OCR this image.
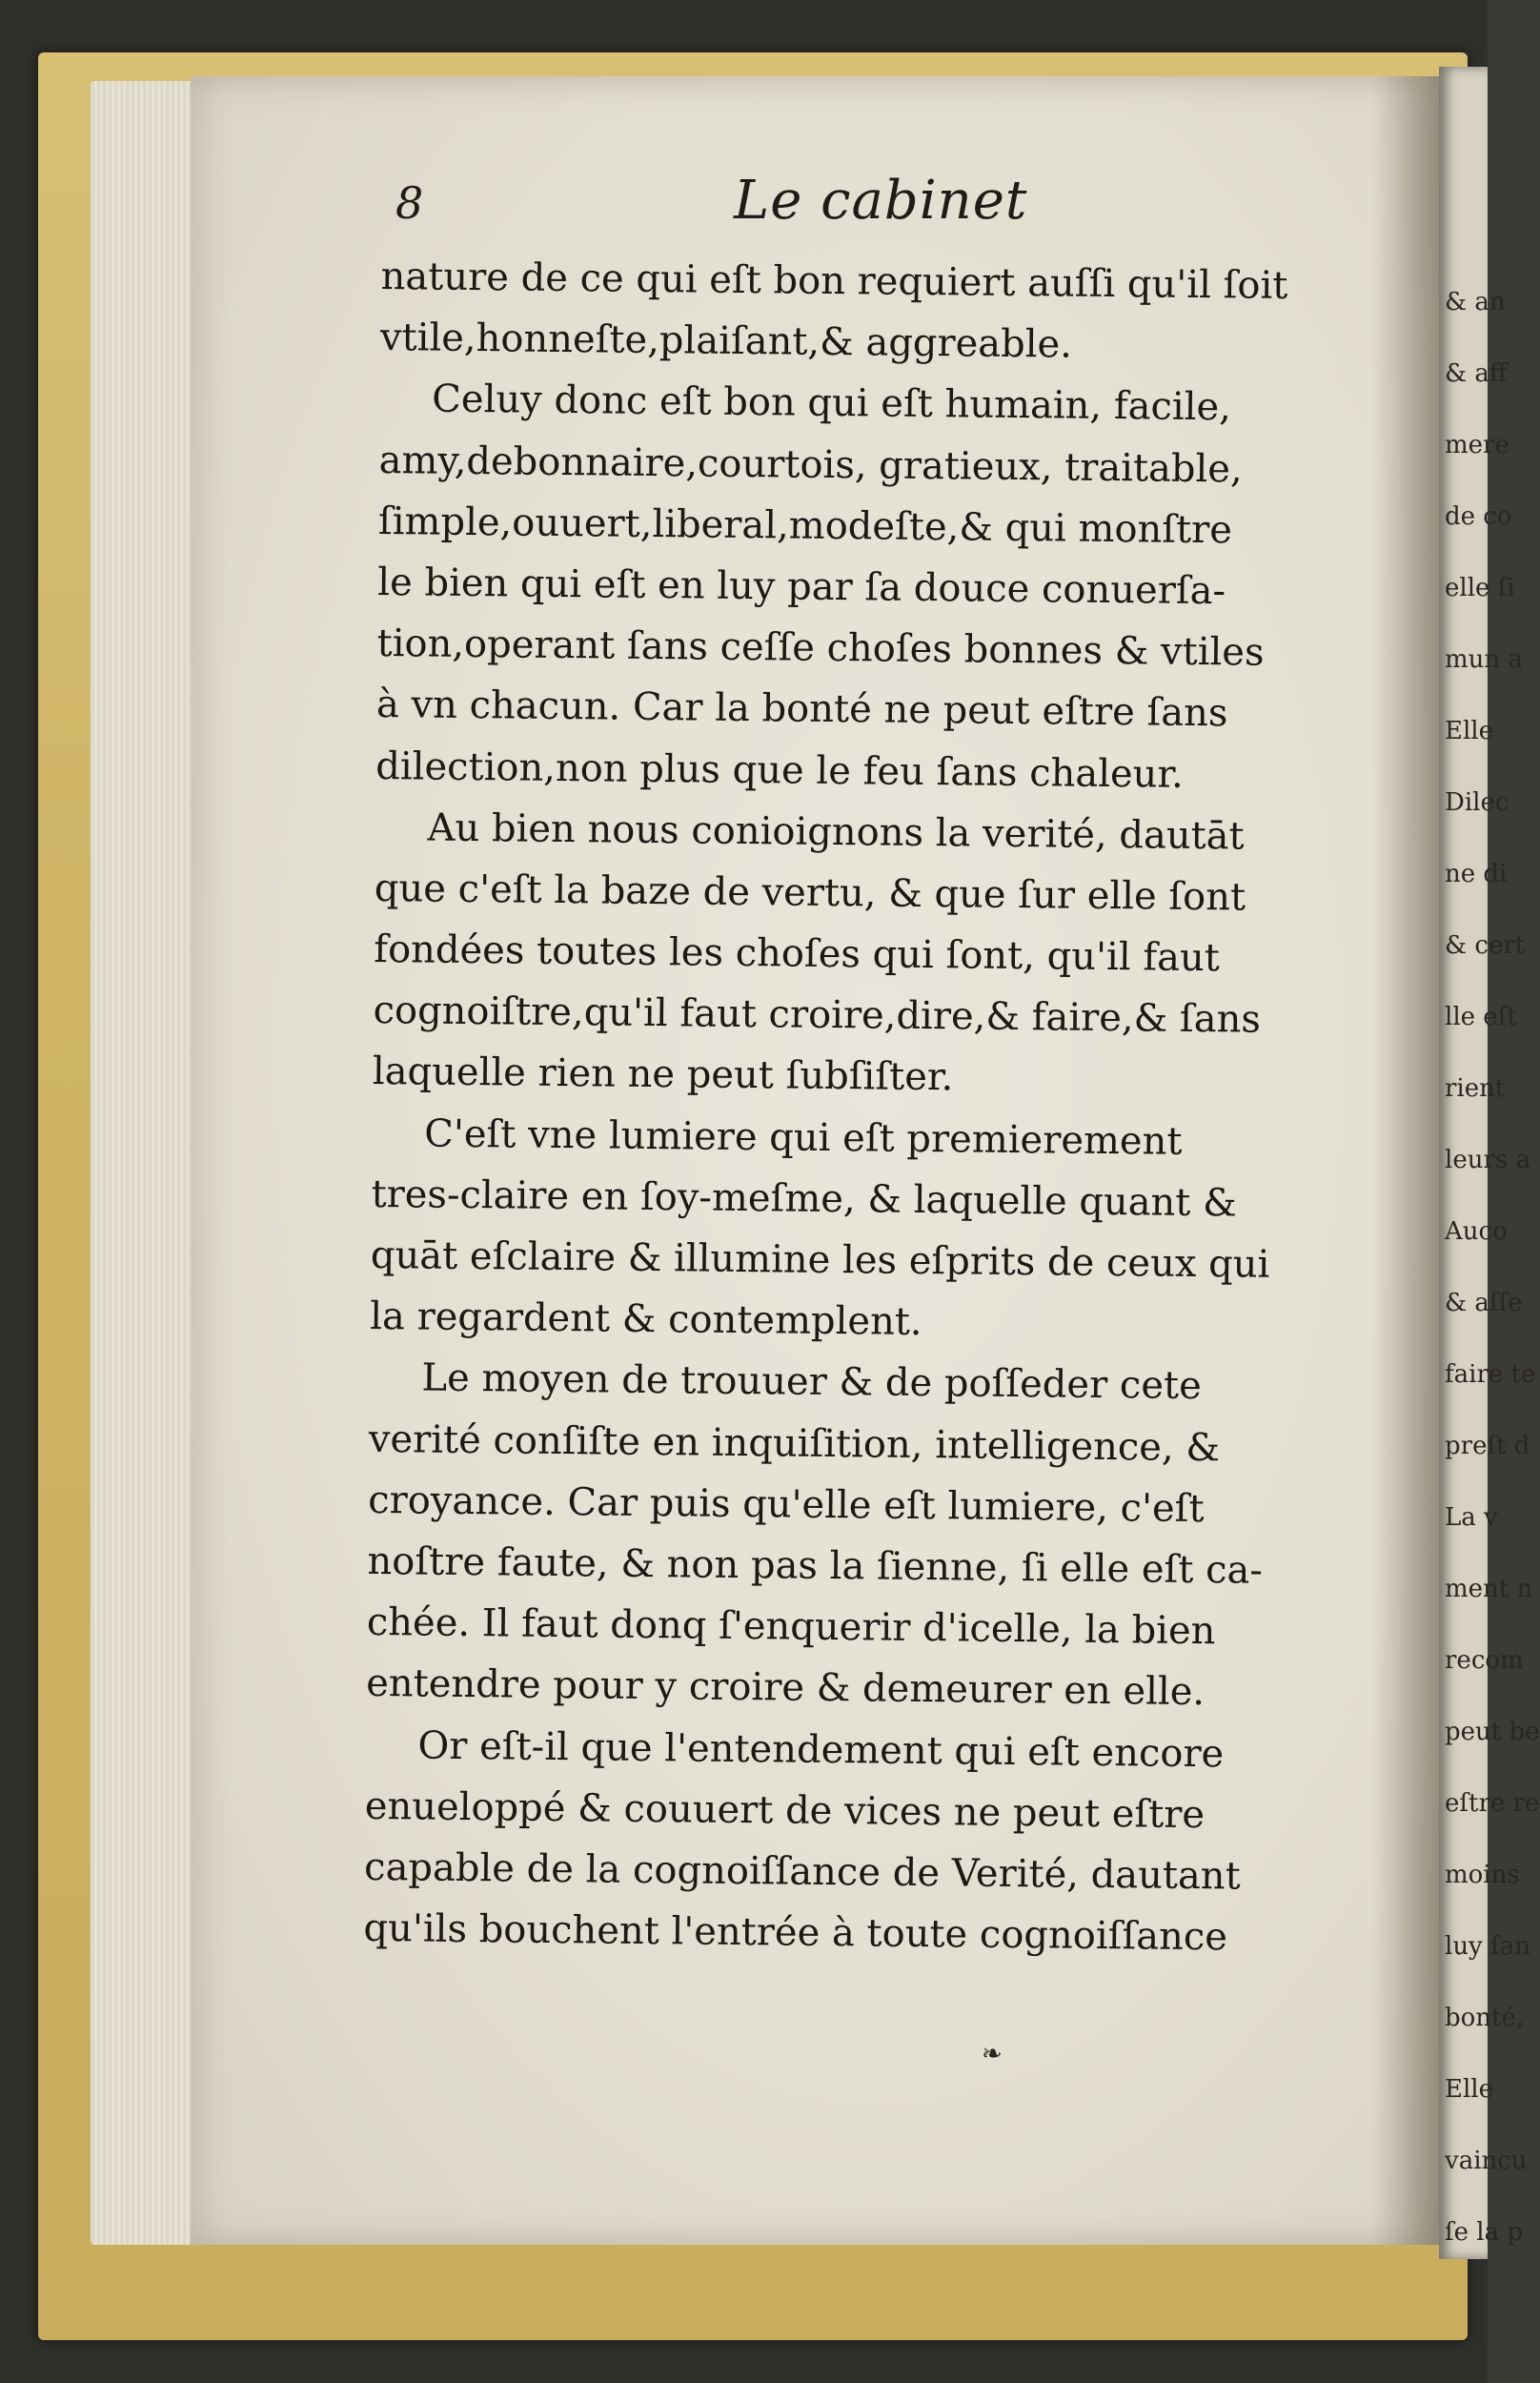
& an
& aff
mere
de co
elle ſi
mun a
Elle
Dilec
ne di
& cert
lle eſt
rient
leurs a
Auco
& aſſe
faire te
preſt d
La v
ment n
recom
peut be
eſtre re
moins
luy ſan
bonté,
Elle
vaincu
ſe la p
8	Le cabinet
nature de ce qui eſt bon requiert auſſi qu'il ſoit
vtile,honneſte,plaiſant,& aggreable.
Celuy donc eſt bon qui eſt humain, facile,
amy,debonnaire,courtois, gratieux, traitable,
ſimple,ouuert,liberal,modeſte,& qui monſtre
le bien qui eſt en luy par ſa douce conuerſa-
tion,operant ſans ceſſe choſes bonnes & vtiles
à vn chacun. Car la bonté ne peut eſtre ſans
dilection,non plus que le feu ſans chaleur.
Au bien nous conioignons la verité, dautāt
que c'eſt la baze de vertu, & que ſur elle ſont
fondées toutes les choſes qui ſont, qu'il faut
cognoiſtre,qu'il faut croire,dire,& faire,& ſans
laquelle rien ne peut ſubſiſter.
C'eſt vne lumiere qui eſt premierement
tres-claire en ſoy-meſme, & laquelle quant &
quāt eſclaire & illumine les eſprits de ceux qui
la regardent & contemplent.
Le moyen de trouuer & de poſſeder cete
verité conſiſte en inquiſition, intelligence, &
croyance. Car puis qu'elle eſt lumiere, c'eſt
noſtre faute, & non pas la ſienne, ſi elle eſt ca-
chée. Il faut donq ſ'enquerir d'icelle, la bien
entendre pour y croire & demeurer en elle.
Or eſt-il que l'entendement qui eſt encore
enueloppé & couuert de vices ne peut eſtre
capable de la cognoiſſance de Verité, dautant
qu'ils bouchent l'entrée à toute cognoiſſance
❧
